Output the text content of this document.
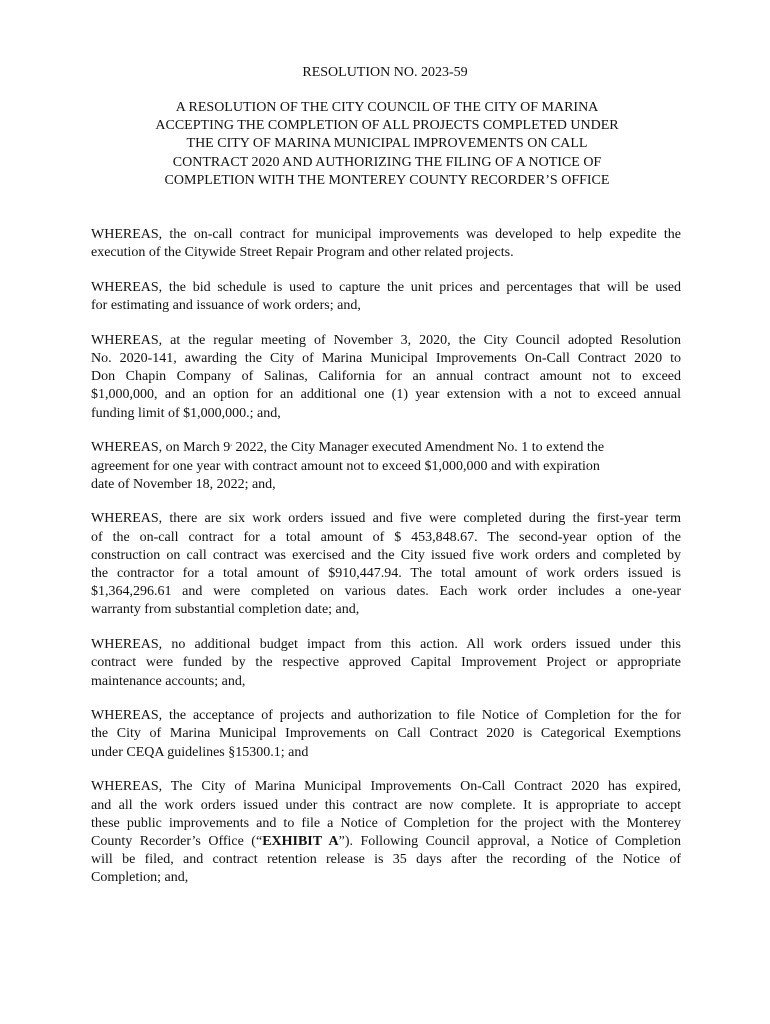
RESOLUTION NO. 2023-59
A RESOLUTION OF THE CITY COUNCIL OF THE CITY OF MARINA
ACCEPTING THE COMPLETION OF ALL PROJECTS COMPLETED UNDER
THE CITY OF MARINA MUNICIPAL IMPROVEMENTS ON CALL
CONTRACT 2020 AND AUTHORIZING THE FILING OF A NOTICE OF
COMPLETION WITH THE MONTEREY COUNTY RECORDER’S OFFICE
WHEREAS, the on-call contract for municipal improvements was developed to help expedite the
execution of the Citywide Street Repair Program and other related projects.
WHEREAS, the bid schedule is used to capture the unit prices and percentages that will be used
for estimating and issuance of work orders; and,
WHEREAS, at the regular meeting of November 3, 2020, the City Council adopted Resolution
No. 2020-141, awarding the City of Marina Municipal Improvements On-Call Contract 2020 to
Don Chapin Company of Salinas, California for an annual contract amount not to exceed
$1,000,000, and an option for an additional one (1) year extension with a not to exceed annual
funding limit of $1,000,000.; and,
WHEREAS, on March 9, 2022, the City Manager executed Amendment No. 1 to extend the
agreement for one year with contract amount not to exceed $1,000,000 and with expiration
date of November 18, 2022; and,
WHEREAS, there are six work orders issued and five were completed during the first-year term
of the on-call contract for a total amount of $ 453,848.67. The second-year option of the
construction on call contract was exercised and the City issued five work orders and completed by
the contractor for a total amount of $910,447.94. The total amount of work orders issued is
$1,364,296.61 and were completed on various dates. Each work order includes a one-year
warranty from substantial completion date; and,
WHEREAS, no additional budget impact from this action. All work orders issued under this
contract were funded by the respective approved Capital Improvement Project or appropriate
maintenance accounts; and,
WHEREAS, the acceptance of projects and authorization to file Notice of Completion for the for
the City of Marina Municipal Improvements on Call Contract 2020 is Categorical Exemptions
under CEQA guidelines §15300.1; and
WHEREAS, The City of Marina Municipal Improvements On-Call Contract 2020 has expired,
and all the work orders issued under this contract are now complete. It is appropriate to accept
these public improvements and to file a Notice of Completion for the project with the Monterey
County Recorder’s Office (“EXHIBIT A”). Following Council approval, a Notice of Completion
will be filed, and contract retention release is 35 days after the recording of the Notice of
Completion; and,
